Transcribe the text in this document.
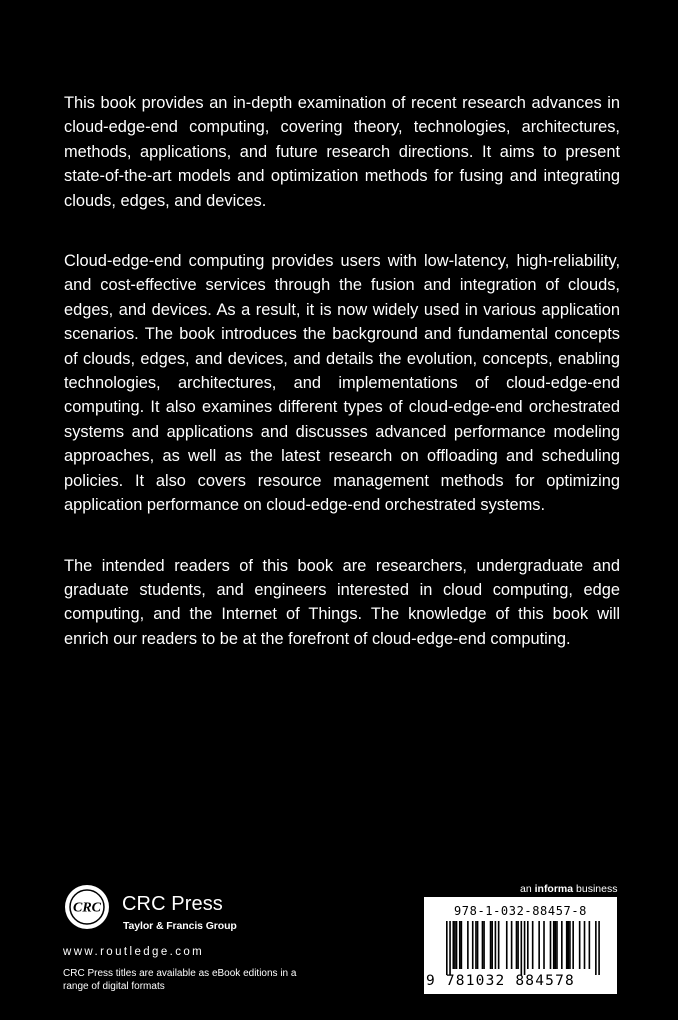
This book provides an in-depth examination of recent research advances in cloud-edge-end computing, covering theory, technologies, architectures, methods, applications, and future research directions. It aims to present state-of-the-art models and optimization methods for fusing and integrating clouds, edges, and devices.

Cloud-edge-end computing provides users with low-latency, high-reliability, and cost-effective services through the fusion and integration of clouds, edges, and devices. As a result, it is now widely used in various application scenarios. The book introduces the background and fundamental concepts of clouds, edges, and devices, and details the evolution, concepts, enabling technologies, architectures, and implementations of cloud-edge-end computing. It also examines different types of cloud-edge-end orchestrated systems and applications and discusses advanced performance modeling approaches, as well as the latest research on offloading and scheduling policies. It also covers resource management methods for optimizing application performance on cloud-edge-end orchestrated systems.

The intended readers of this book are researchers, undergraduate and graduate students, and engineers interested in cloud computing, edge computing, and the Internet of Things. The knowledge of this book will enrich our readers to be at the forefront of cloud-edge-end computing.

CRC CRC Press
Taylor & Francis Group
www.routledge.com
CRC Press titles are available as eBook editions in a range of digital formats
an informa business
978-1-032-88457-8
9 781032 884578
